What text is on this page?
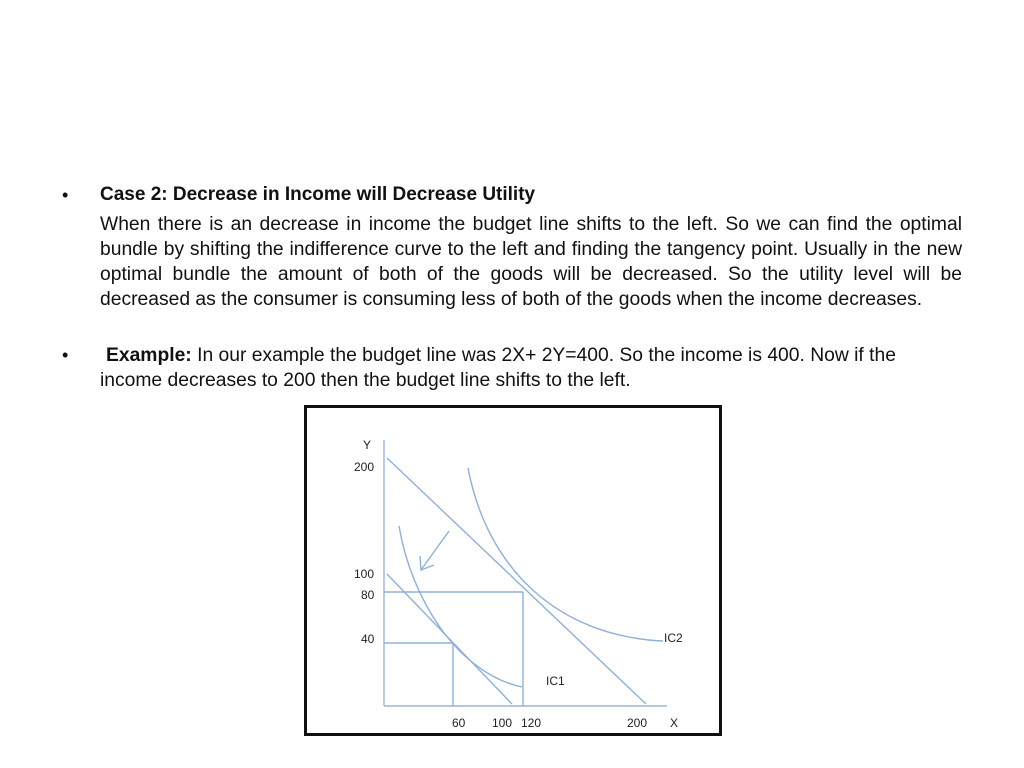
• Case 2: Decrease in Income will Decrease Utility
When there is an decrease in income the budget line shifts to the left. So we can find the optimal bundle by shifting the indifference curve to the left and finding the tangency point. Usually in the new optimal bundle the amount of both of the goods will be decreased. So the utility level will be decreased as the consumer is consuming less of both of the goods when the income decreases.
•	Example: In our example the budget line was 2X+ 2Y=400. So the income is 400. Now if the income decreases to 200 then the budget line shifts to the left.
Y
X
200
100
80
40
60 100 120	200
IC2
IC1
